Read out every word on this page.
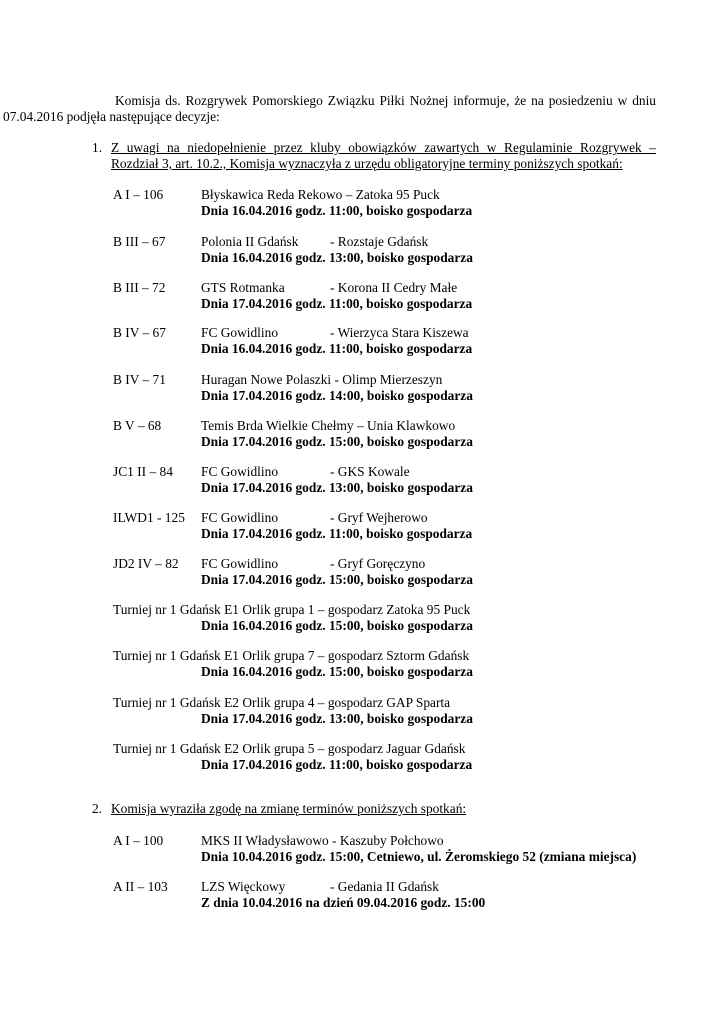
Komisja ds. Rozgrywek Pomorskiego Związku Piłki Nożnej informuje, że na posiedzeniu w dniu
07.04.2016 podjęła następujące decyzje:
1. Z uwagi na niedopełnienie przez kluby obowiązków zawartych w Regulaminie Rozgrywek –
Rozdział 3, art. 10.2., Komisja wyznaczyła z urzędu obligatoryjne terminy poniższych spotkań:
A I – 106	Błyskawica Reda Rekowo – Zatoka 95 Puck
Dnia 16.04.2016 godz. 11:00, boisko gospodarza
B III – 67	Polonia II Gdańsk - Rozstaje Gdańsk
Dnia 16.04.2016 godz. 13:00, boisko gospodarza
B III – 72	GTS Rotmanka	- Korona II Cedry Małe
Dnia 17.04.2016 godz. 11:00, boisko gospodarza
B IV – 67	FC Gowidlino	- Wierzyca Stara Kiszewa
Dnia 16.04.2016 godz. 11:00, boisko gospodarza
B IV – 71	Huragan Nowe Polaszki - Olimp Mierzeszyn
Dnia 17.04.2016 godz. 14:00, boisko gospodarza
B V – 68	Temis Brda Wielkie Chełmy – Unia Klawkowo
Dnia 17.04.2016 godz. 15:00, boisko gospodarza
JC1 II – 84 FC Gowidlino	- GKS Kowale
Dnia 17.04.2016 godz. 13:00, boisko gospodarza
ILWD1 - 125 FC Gowidlino	- Gryf Wejherowo
Dnia 17.04.2016 godz. 11:00, boisko gospodarza
JD2 IV – 82 FC Gowidlino	- Gryf Goręczyno
Dnia 17.04.2016 godz. 15:00, boisko gospodarza
Turniej nr 1 Gdańsk E1 Orlik grupa 1 – gospodarz Zatoka 95 Puck
Dnia 16.04.2016 godz. 15:00, boisko gospodarza
Turniej nr 1 Gdańsk E1 Orlik grupa 7 – gospodarz Sztorm Gdańsk
Dnia 16.04.2016 godz. 15:00, boisko gospodarza
Turniej nr 1 Gdańsk E2 Orlik grupa 4 – gospodarz GAP Sparta
Dnia 17.04.2016 godz. 13:00, boisko gospodarza
Turniej nr 1 Gdańsk E2 Orlik grupa 5 – gospodarz Jaguar Gdańsk
Dnia 17.04.2016 godz. 11:00, boisko gospodarza
2. Komisja wyraziła zgodę na zmianę terminów poniższych spotkań:
A I – 100	MKS II Władysławowo - Kaszuby Połchowo
Dnia 10.04.2016 godz. 15:00, Cetniewo, ul. Żeromskiego 52 (zmiana miejsca)
A II – 103 LZS Więckowy	- Gedania II Gdańsk
Z dnia 10.04.2016 na dzień 09.04.2016 godz. 15:00
